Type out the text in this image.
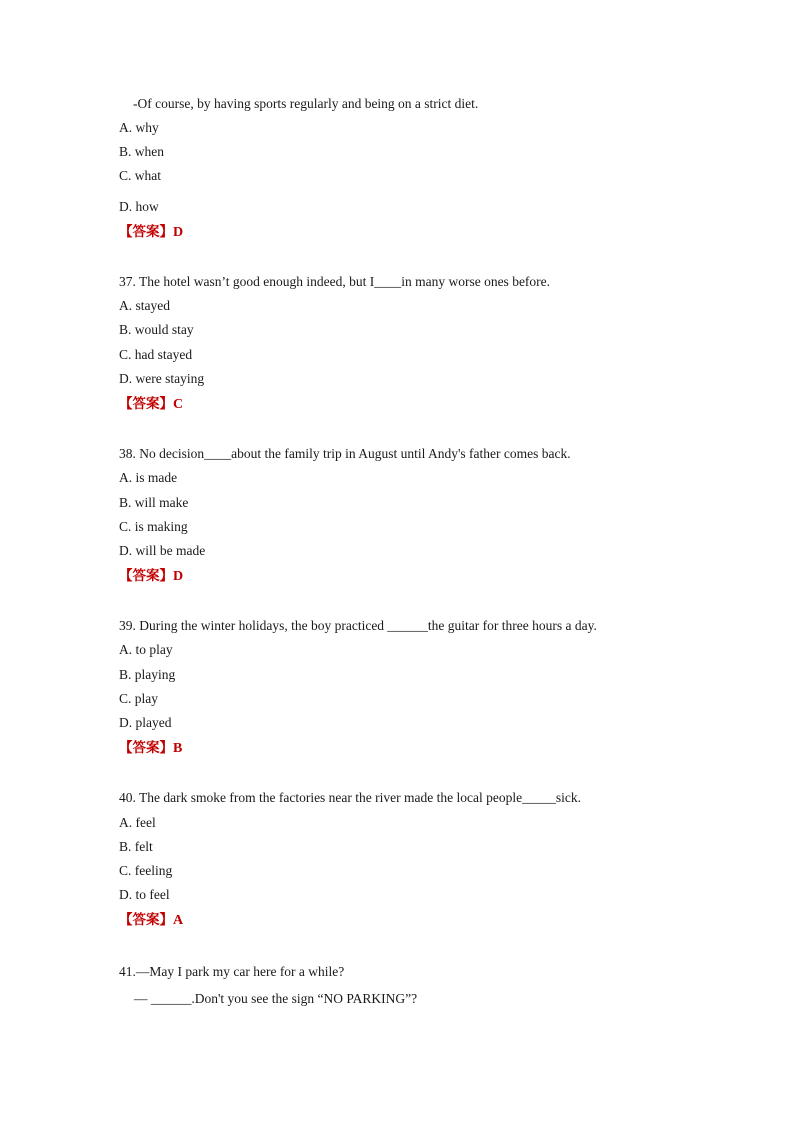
-Of course, by having sports regularly and being on a strict diet.
A. why
B. when
C. what
D. how
【答案】D
37. The hotel wasn’t good enough indeed, but I____in many worse ones before.
A. stayed
B. would stay
C. had stayed
D. were staying
【答案】C
38. No decision____about the family trip in August until Andy's father comes back.
A. is made
B. will make
C. is making
D. will be made
【答案】D
39. During the winter holidays, the boy practiced ______the guitar for three hours a day.
A. to play
B. playing
C. play
D. played
【答案】B
40. The dark smoke from the factories near the river made the local people_____sick.
A. feel
B. felt
C. feeling
D. to feel
【答案】A
41.—May I park my car here for a while?
— ______.Don't you see the sign “NO PARKING”?
